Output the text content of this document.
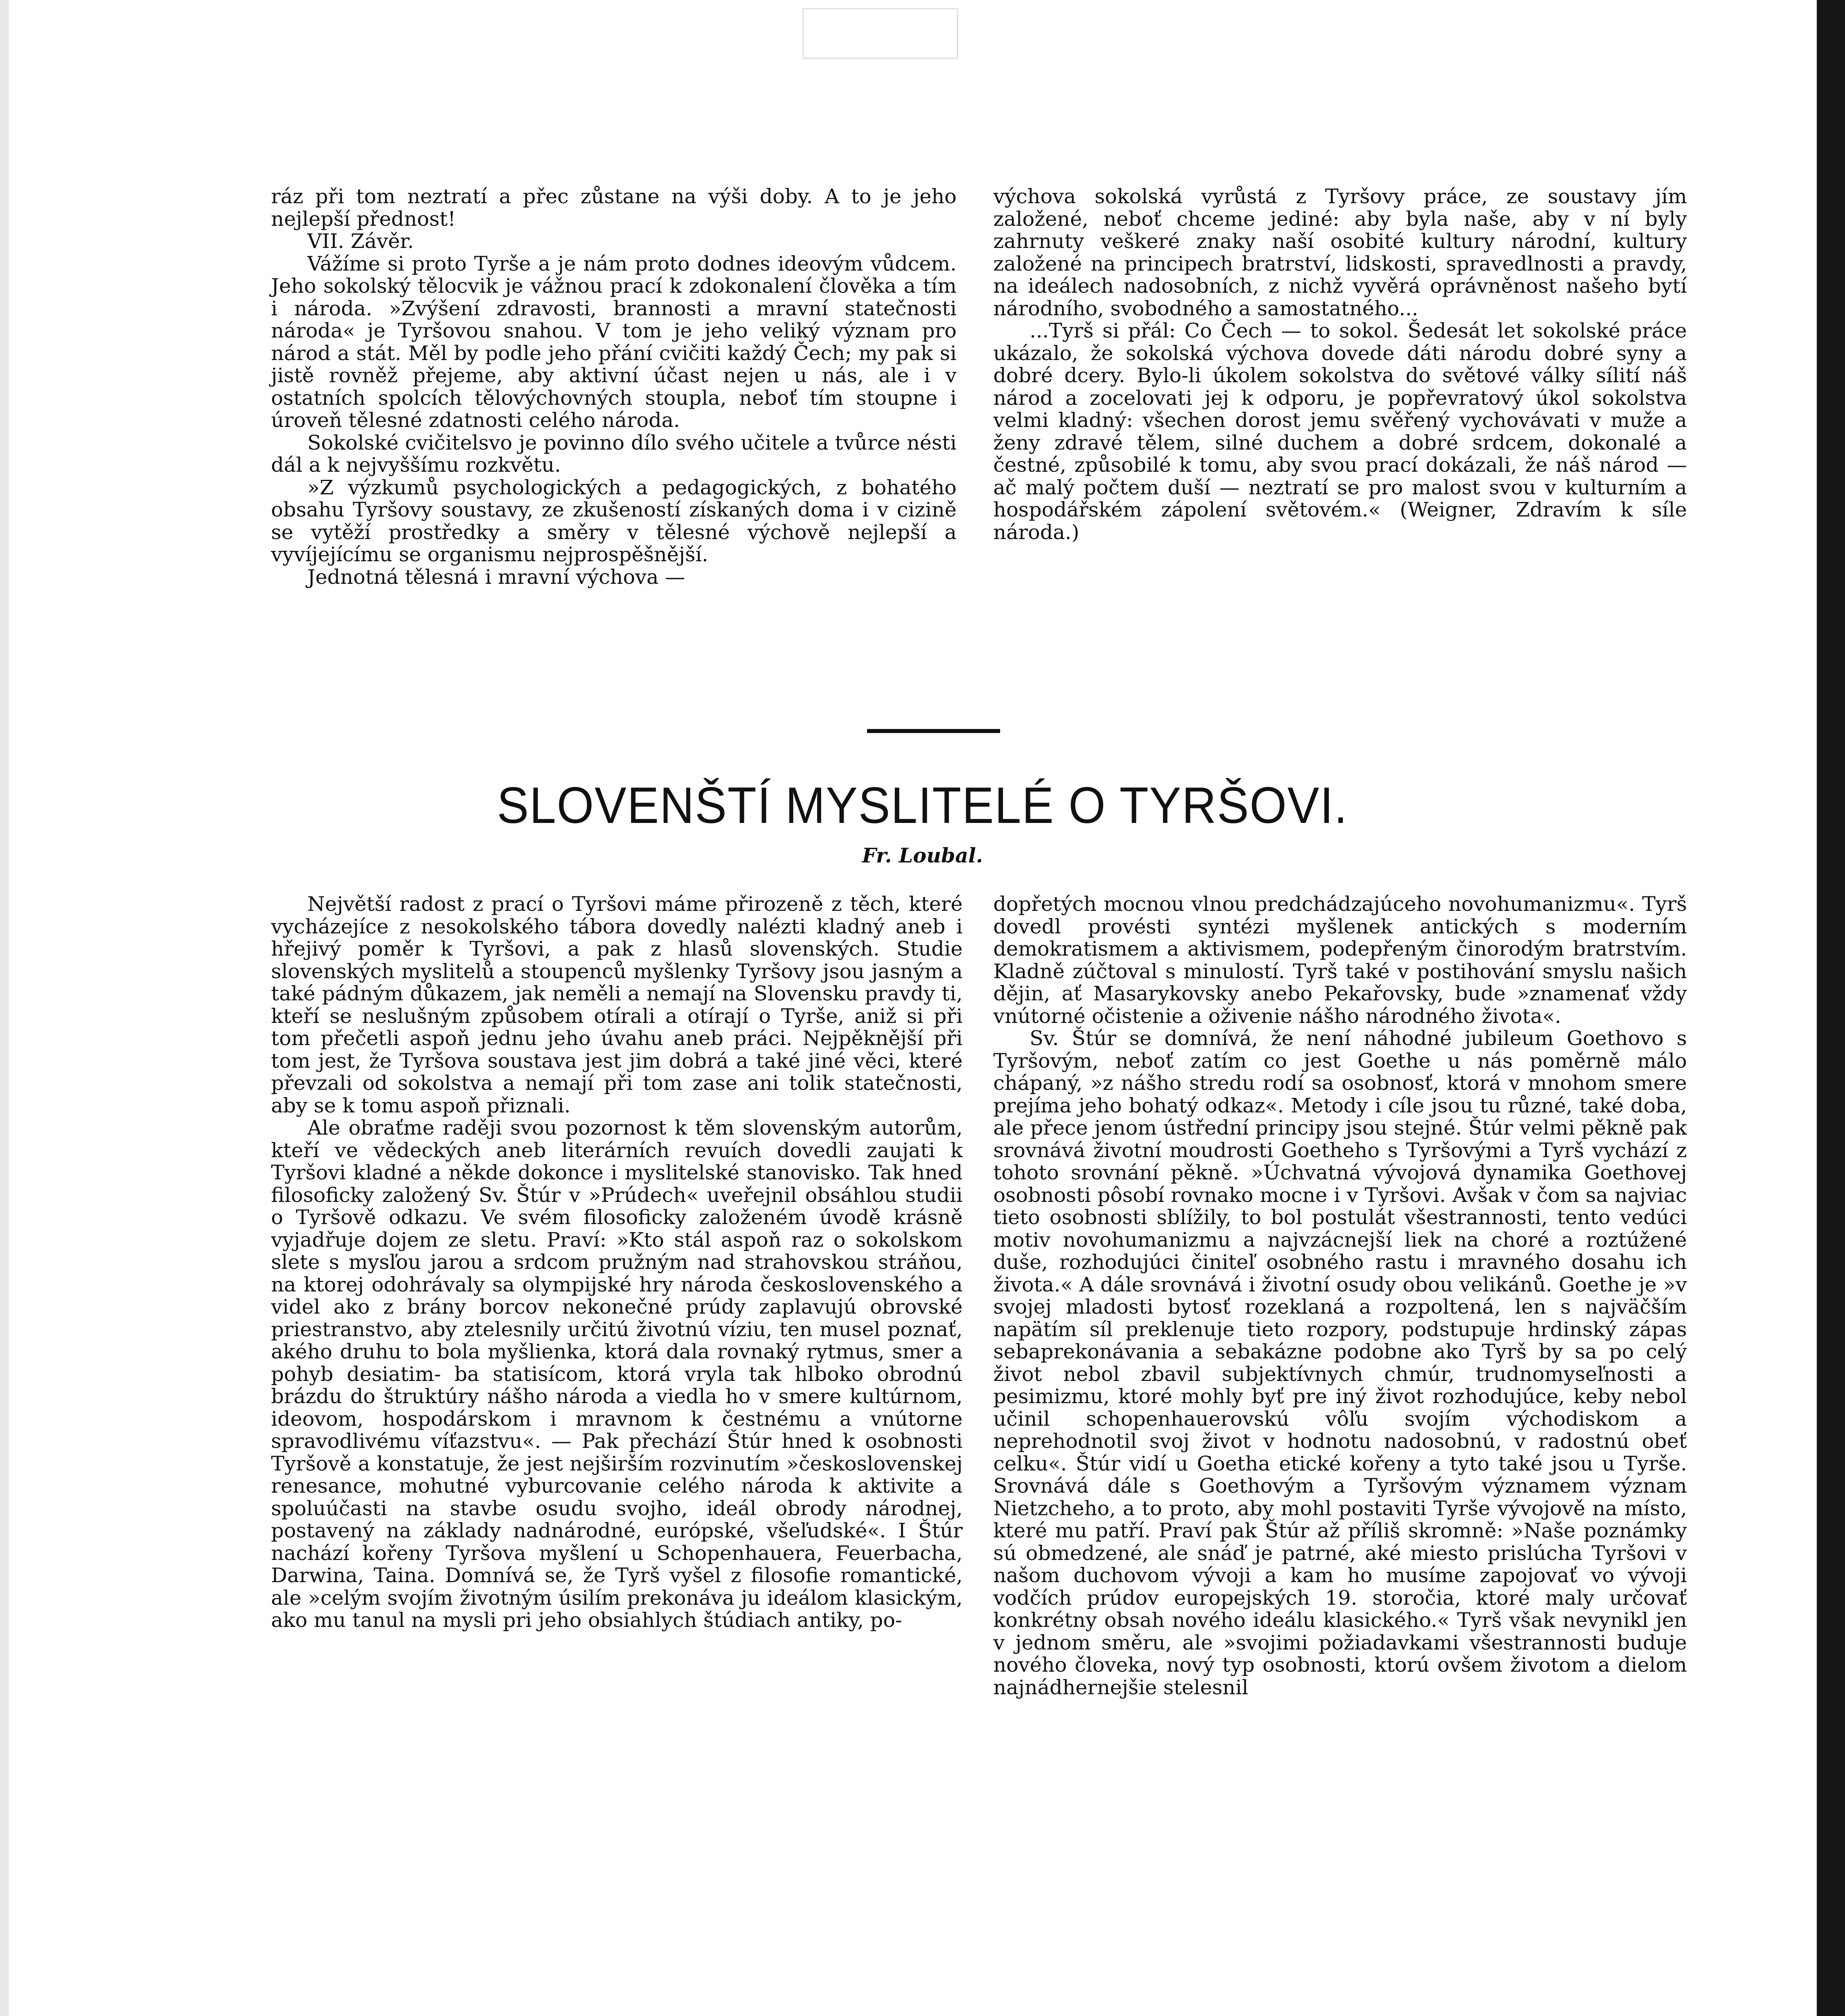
ráz při tom neztratí a přec zůstane na výši doby. A to je jeho nejlepší přednost!

VII. Závěr.

Vážíme si proto Tyrše a je nám proto dodnes ideovým vůdcem. Jeho sokolský tělocvik je vážnou prací k zdokonalení člověka a tím i národa. »Zvýšení zdravosti, brannosti a mravní statečnosti národa« je Tyršovou snahou. V tom je jeho veliký význam pro národ a stát. Měl by podle jeho přání cvičiti každý Čech; my pak si jistě rovněž přejeme, aby aktivní účast nejen u nás, ale i v ostatních spolcích tělovýchovných stoupla, neboť tím stoupne i úroveň tělesné zdatnosti celého národa.

Sokolské cvičitelsvo je povinno dílo svého učitele a tvůrce nésti dál a k nejvyššímu rozkvětu.

»Z výzkumů psychologických a pedagogických, z bohatého obsahu Tyršovy soustavy, ze zkušeností získaných doma i v cizině se vytěží prostředky a směry v tělesné výchově nejlepší a vyvíjejícímu se organismu nejprospěšnější.

Jednotná tělesná i mravní výchova —

výchova sokolská vyrůstá z Tyršovy práce, ze soustavy jím založené, neboť chceme jediné: aby byla naše, aby v ní byly zahrnuty veškeré znaky naší osobité kultury národní, kultury založené na principech bratrství, lidskosti, spravedlnosti a pravdy, na ideálech nadosobních, z nichž vyvěrá oprávněnost našeho bytí národního, svobodného a samostatného...

...Tyrš si přál: Co Čech — to sokol. Šedesát let sokolské práce ukázalo, že sokolská výchova dovede dáti národu dobré syny a dobré dcery. Bylo-li úkolem sokolstva do světové války sílití náš národ a zocelovati jej k odporu, je popřevratový úkol sokolstva velmi kladný: všechen dorost jemu svěřený vychovávati v muže a ženy zdravé tělem, silné duchem a dobré srdcem, dokonalé a čestné, způsobilé k tomu, aby svou prací dokázali, že náš národ — ač malý počtem duší — neztratí se pro malost svou v kulturním a hospodářském zápolení světovém.« (Weigner, Zdravím k síle národa.)

SLOVENŠTÍ MYSLITELÉ O TYRŠOVI.
Fr. Loubal.

Největší radost z prací o Tyršovi máme přirozeně z těch, které vycházejíce z nesokolského tábora dovedly nalézti kladný aneb i hřejivý poměr k Tyršovi, a pak z hlasů slovenských. Studie slovenských myslitelů a stoupenců myšlenky Tyršovy jsou jasným a také pádným důkazem, jak neměli a nemají na Slovensku pravdy ti, kteří se neslušným způsobem otírali a otírají o Tyrše, aniž si při tom přečetli aspoň jednu jeho úvahu aneb práci. Nejpěknější při tom jest, že Tyršova soustava jest jim dobrá a také jiné věci, které převzali od sokolstva a nemají při tom zase ani tolik statečnosti, aby se k tomu aspoň přiznali.

Ale obraťme raději svou pozornost k těm slovenským autorům, kteří ve vědeckých aneb literárních revuích dovedli zaujati k Tyršovi kladné a někde dokonce i myslitelské stanovisko. Tak hned filosoficky založený Sv. Štúr v »Prúdech« uveřejnil obsáhlou studii o Tyršově odkazu. Ve svém filosoficky založeném úvodě krásně vyjadřuje dojem ze sletu. Praví: »Kto stál aspoň raz o sokolskom slete s mysľou jarou a srdcom pružným nad strahovskou stráňou, na ktorej odohrávaly sa olympijské hry národa československého a videl ako z brány borcov nekonečné prúdy zaplavujú obrovské priestranstvo, aby ztelesnily určitú životnú víziu, ten musel poznať, akého druhu to bola myšlienka, ktorá dala rovnaký rytmus, smer a pohyb desiatim- ba statisícom, ktorá vryla tak hlboko obrodnú brázdu do štruktúry nášho národa a viedla ho v smere kultúrnom, ideovom, hospodárskom i mravnom k čestnému a vnútorne spravodlivému víťazstvu«. — Pak přechází Štúr hned k osobnosti Tyršově a konstatuje, že jest nejširším rozvinutím »československej renesance, mohutné vyburcovanie celého národa k aktivite a spoluúčasti na stavbe osudu svojho, ideál obrody národnej, postavený na základy nadnárodné, európské, všeľudské«. I Štúr nachází kořeny Tyršova myšlení u Schopenhauera, Feuerbacha, Darwina, Taina. Domnívá se, že Tyrš vyšel z filosofie romantické, ale »celým svojím životným úsilím prekonáva ju ideálom klasickým, ako mu tanul na mysli pri jeho obsiahlych štúdiach antiky, po-

dopřetých mocnou vlnou predchádzajúceho novohumanizmu«. Tyrš dovedl provésti syntézi myšlenek antických s moderním demokratismem a aktivismem, podepřeným činorodým bratrstvím. Kladně zúčtoval s minulostí. Tyrš také v postihování smyslu našich dějin, ať Masarykovsky anebo Pekařovsky, bude »znamenať vždy vnútorné očistenie a oživenie nášho národného života«.

Sv. Štúr se domnívá, že není náhodné jubileum Goethovo s Tyršovým, neboť zatím co jest Goethe u nás poměrně málo chápaný, »z nášho stredu rodí sa osobnosť, ktorá v mnohom smere prejíma jeho bohatý odkaz«. Metody i cíle jsou tu různé, také doba, ale přece jenom ústřední principy jsou stejné. Štúr velmi pěkně pak srovnává životní moudrosti Goetheho s Tyršovými a Tyrš vychází z tohoto srovnání pěkně. »Úchvatná vývojová dynamika Goethovej osobnosti pôsobí rovnako mocne i v Tyršovi. Avšak v čom sa najviac tieto osobnosti sblížily, to bol postulát všestrannosti, tento vedúci motiv novohumanizmu a najvzácnejší liek na choré a roztúžené duše, rozhodujúci činiteľ osobného rastu i mravného dosahu ich života.« A dále srovnává i životní osudy obou velikánů. Goethe je »v svojej mladosti bytosť rozeklaná a rozpoltená, len s najväčším napätím síl preklenuje tieto rozpory, podstupuje hrdinský zápas sebaprekonávania a sebakázne podobne ako Tyrš by sa po celý život nebol zbavil subjektívnych chmúr, trudnomyseľnosti a pesimizmu, ktoré mohly byť pre iný život rozhodujúce, keby nebol učinil schopenhauerovskú vôľu svojím východiskom a neprehodnotil svoj život v hodnotu nadosobnú, v radostnú obeť celku«. Štúr vidí u Goetha etické kořeny a tyto také jsou u Tyrše. Srovnává dále s Goethovým a Tyršovým významem význam Nietzcheho, a to proto, aby mohl postaviti Tyrše vývojově na místo, které mu patří. Praví pak Štúr až příliš skromně: »Naše poznámky sú obmedzené, ale snáď je patrné, aké miesto prislúcha Tyršovi v našom duchovom vývoji a kam ho musíme zapojovať vo vývoji vodčích prúdov europejských 19. storočia, ktoré maly určovať konkrétny obsah nového ideálu klasického.« Tyrš však nevynikl jen v jednom směru, ale »svojimi požiadavkami všestrannosti buduje nového človeka, nový typ osobnosti, ktorú ovšem životom a dielom najnádhernejšie stelesnil
